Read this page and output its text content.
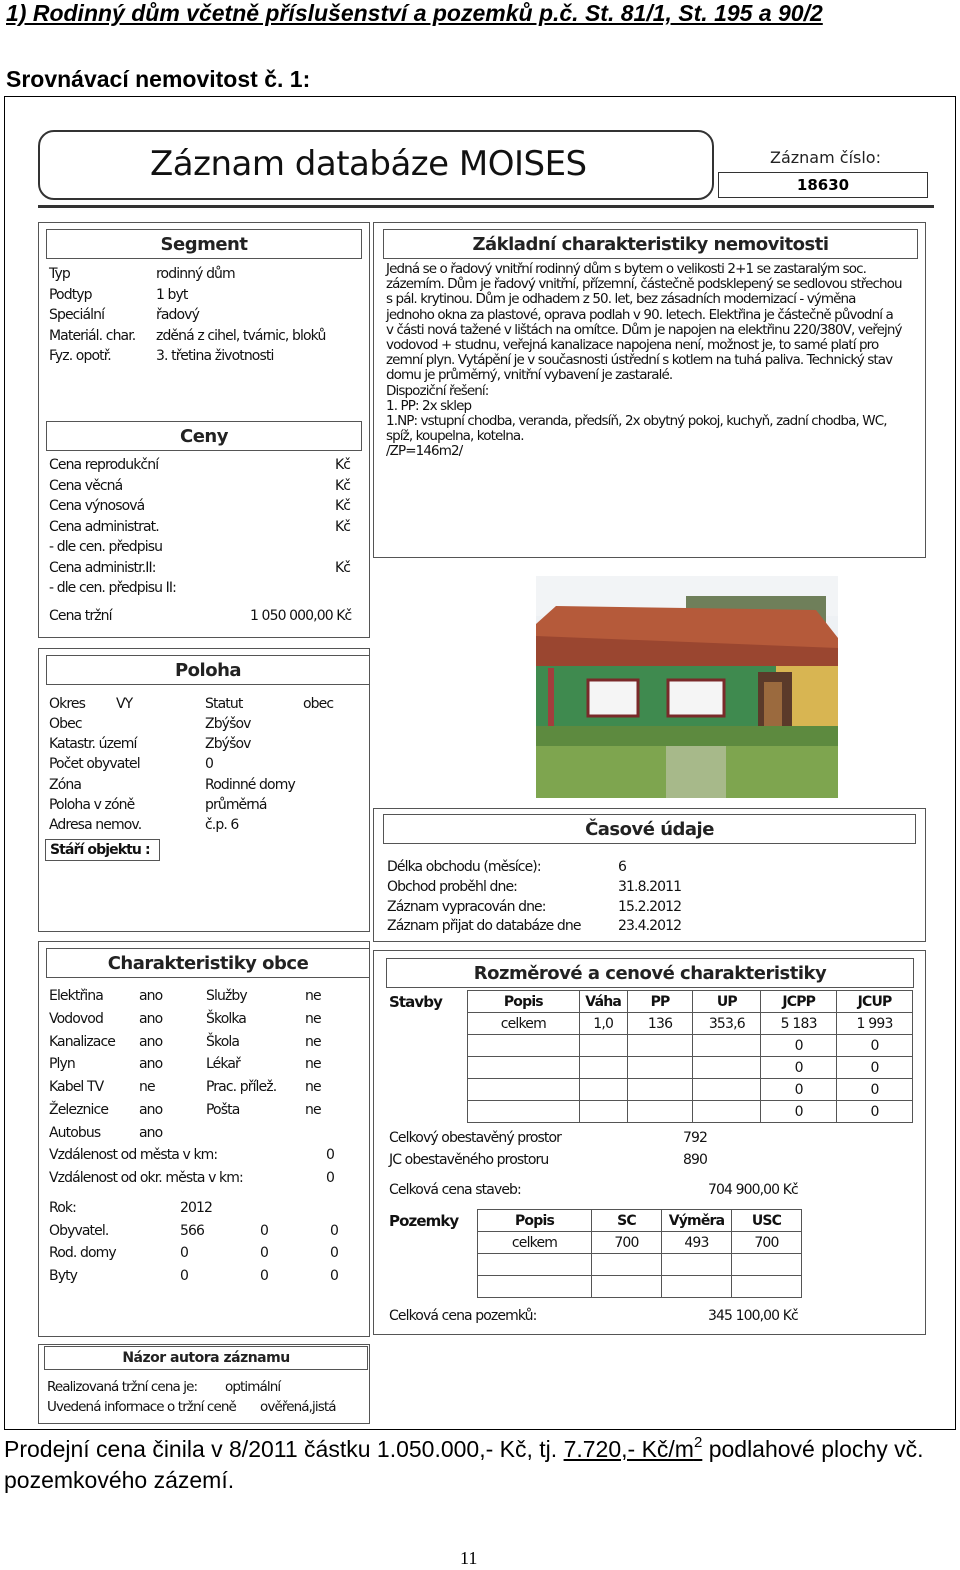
1) Rodinný dům včetně příslušenství a pozemků p.č. St. 81/1, St. 195 a 90/2
Srovnávací nemovitost č. 1:
Záznam databáze MOISES	Záznam číslo:
18630
Segment
Typ	rodinný dům
Podtyp	1 byt
Speciální	řadový
Materiál. char. zděná z cihel, tvárnic, bloků
Fyz. opotř.	3. třetina životnosti
Ceny
Cena reprodukční	Kč
Cena věcná	Kč
Cena výnosová	Kč
Cena administrat.	Kč
- dle cen. předpisu
Cena administr.II:	Kč
- dle cen. předpisu II:
Cena tržní	1 050 000,00 Kč
Základní charakteristiky nemovitosti
Jedná se o řadový vnitřní rodinný dům s bytem o velikosti 2+1 se zastaralým soc.
zázemím. Dům je řadový vnitřní, přízemní, částečně podsklepený se sedlovou střechou
s pál. krytinou. Dům je odhadem z 50. let, bez zásadních modernizací - výměna
jednoho okna za plastové, oprava podlah v 90. letech. Elektřina je částečně původní a
v části nová tažené v lištách na omítce. Dům je napojen na elektřinu 220/380V, veřejný
vodovod + studnu, veřejná kanalizace napojena není, možnost je, to samé platí pro
zemní plyn. Vytápění je v současnosti ústřední s kotlem na tuhá paliva. Technický stav
domu je průměrný, vnitřní vybavení je zastaralé.
Dispoziční řešení:
1. PP: 2x sklep
1.NP: vstupní chodba, veranda, předsíň, 2x obytný pokoj, kuchyň, zadní chodba, WC,
spíž, koupelna, kotelna.
/ZP=146m2/
Poloha
Okres VY	Statut	obec
Obec	Zbýšov
Katastr. území	Zbýšov
Počet obyvatel	0
Zóna	Rodinné domy
Poloha v zóně	průměrná
Adresa nemov.	č.p. 6
Stáří objektu :
Časové údaje
Délka obchodu (měsíce):	6
Obchod proběhl dne:	31.8.2011
Záznam vypracován dne:	15.2.2012
Záznam přijat do databáze dne	23.4.2012
Charakteristiky obce
Elektřina	ano	Služby	ne
Vodovod	ano	Školka	ne
Kanalizace ano	Škola	ne
Plyn	ano	Lékař	ne
Kabel TV	ne	Prac. přílež. ne
Železnice ano	Pošta	ne
Autobus	ano
Vzdálenost od města v km:	0
Vzdálenost od okr. města v km:	0
Rok:	2012
Obyvatel.	566	0	0
Rod. domy	0	0	0
Byty	0	0	0
Rozměrové a cenové charakteristiky
Stavby	Popis	Váha	PP	UP	JCPP	JCUP
celkem	1,0	136	353,6	5 183	1 993
				0	0
				0	0
				0	0
				0	0
Celkový obestavěný prostor	792
JC obestavěného prostoru	890
Celková cena staveb:	704 900,00 Kč
Pozemky	Popis	SC	Výměra	USC
celkem	700	493	700

Celková cena pozemků:	345 100,00 Kč
Názor autora záznamu
Realizovaná tržní cena je: optimální
Uvedená informace o tržní ceně ověřená,jistá
Prodejní cena činila v 8/2011 částku 1.050.000,- Kč, tj. 7.720,- $Kč/m^2$ podlahové plochy vč. pozemkového zázemí.
11
